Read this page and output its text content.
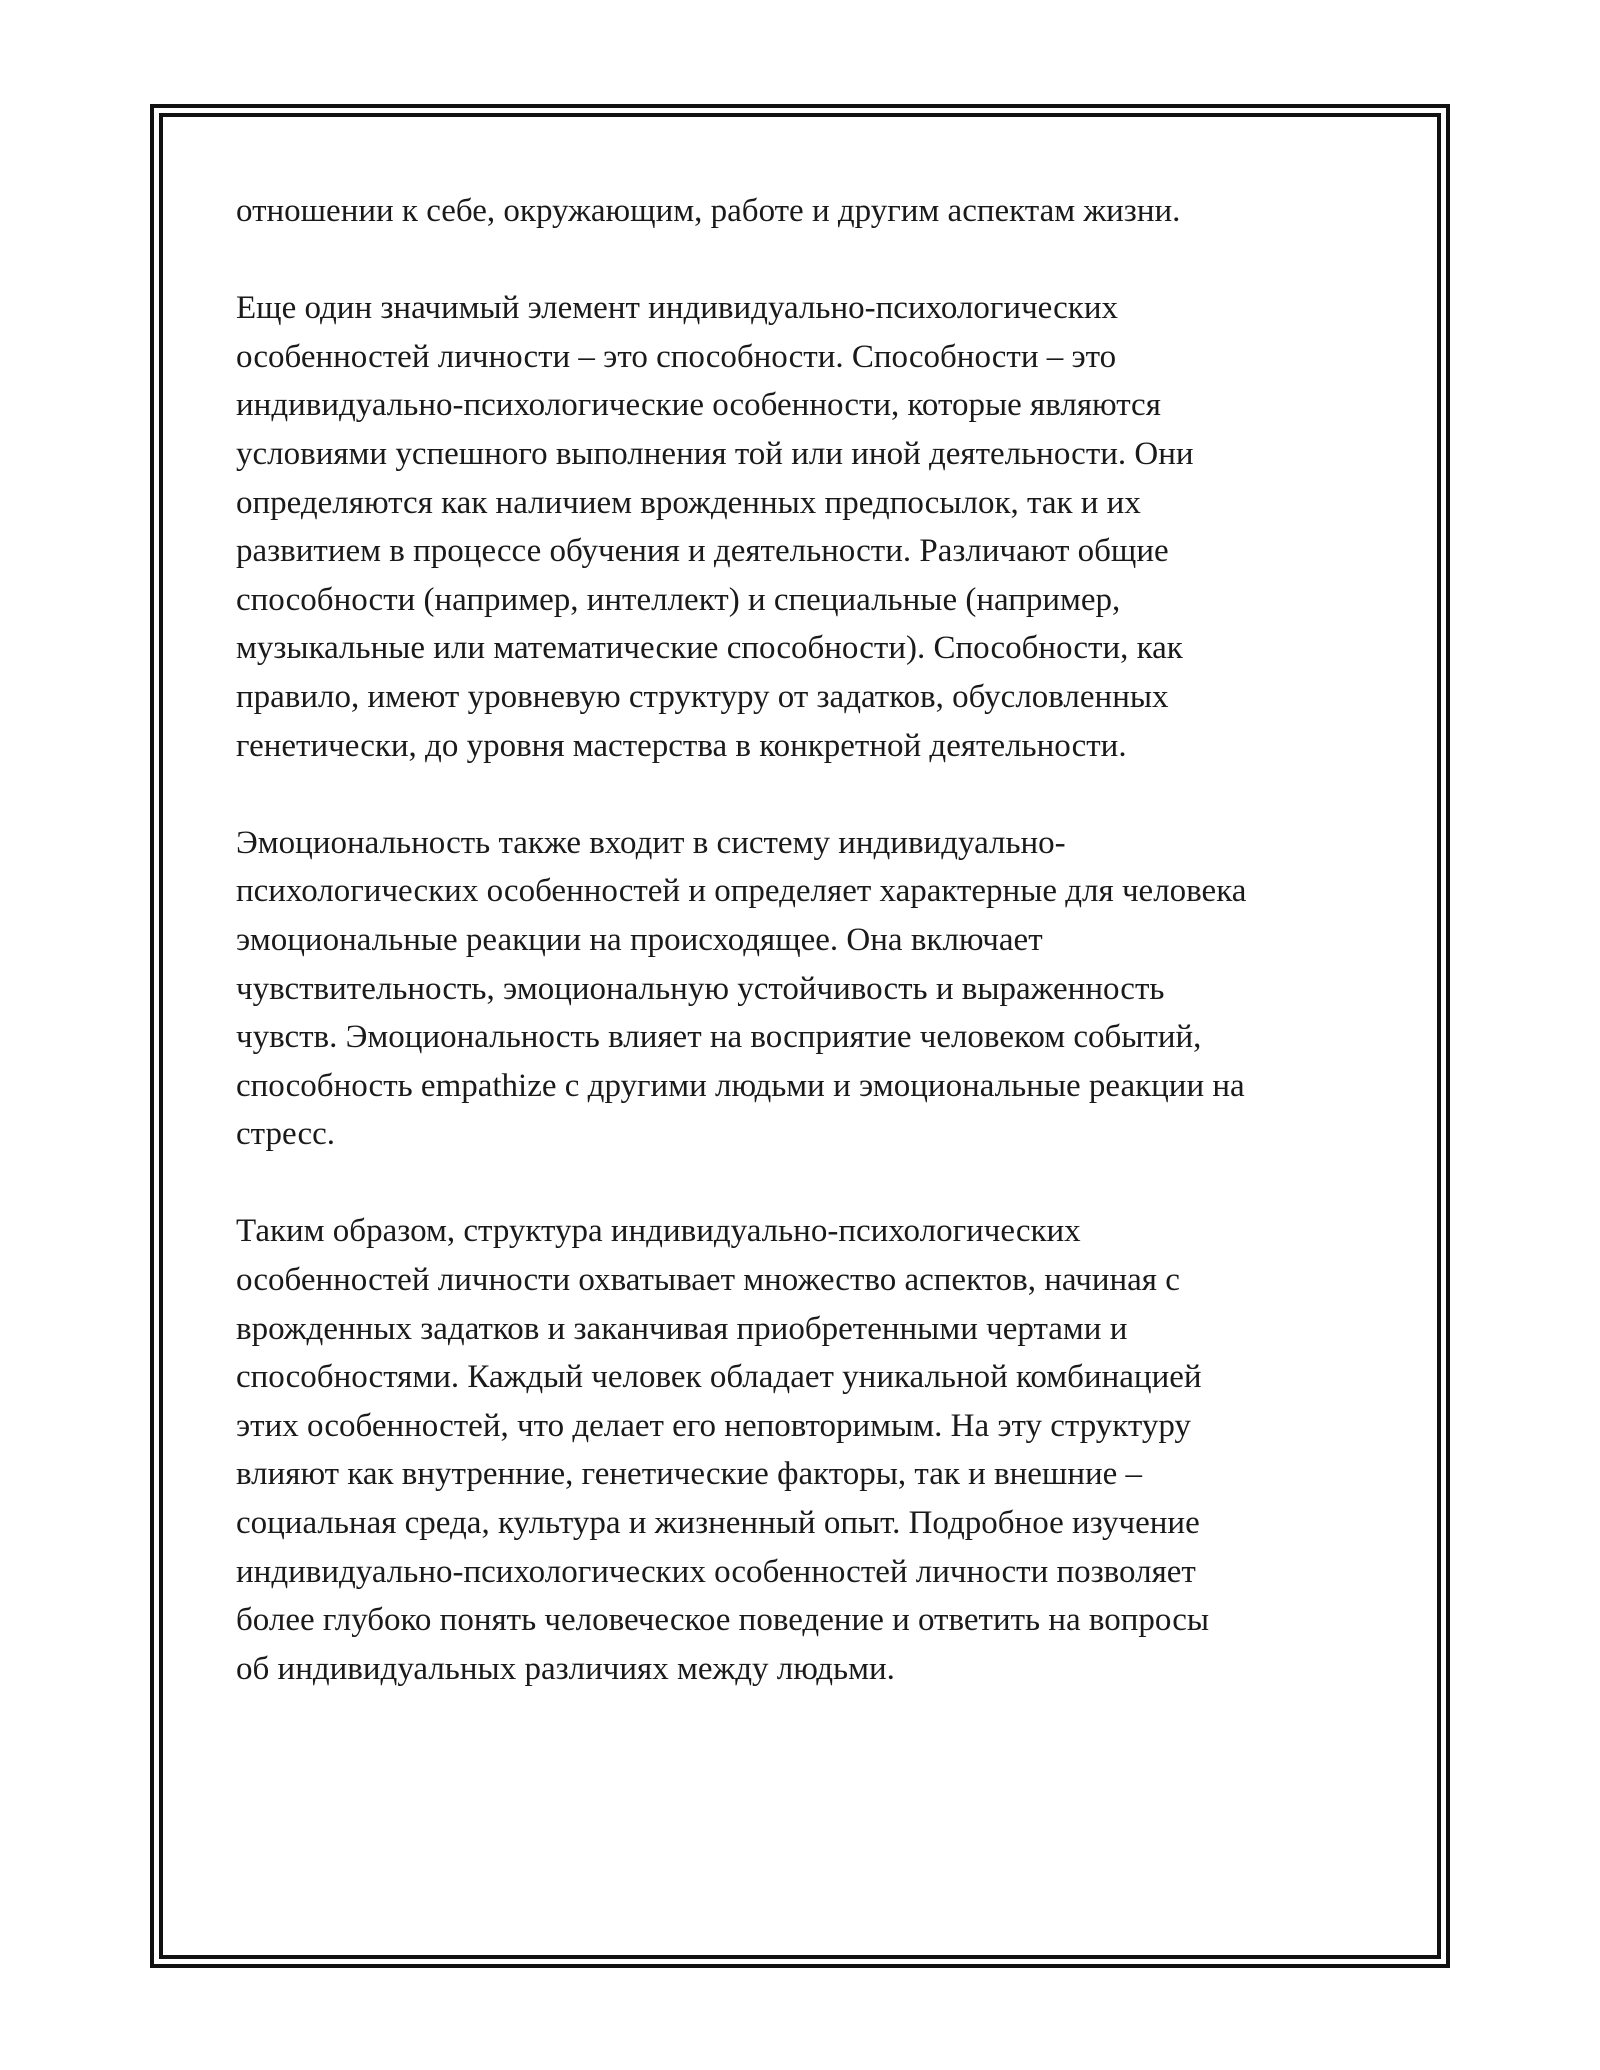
отношении к себе, окружающим, работе и другим аспектам жизни.

Еще один значимый элемент индивидуально-психологических
особенностей личности – это способности. Способности – это
индивидуально-психологические особенности, которые являются
условиями успешного выполнения той или иной деятельности. Они
определяются как наличием врожденных предпосылок, так и их
развитием в процессе обучения и деятельности. Различают общие
способности (например, интеллект) и специальные (например,
музыкальные или математические способности). Способности, как
правило, имеют уровневую структуру от задатков, обусловленных
генетически, до уровня мастерства в конкретной деятельности.

Эмоциональность также входит в систему индивидуально-
психологических особенностей и определяет характерные для человека
эмоциональные реакции на происходящее. Она включает
чувствительность, эмоциональную устойчивость и выраженность
чувств. Эмоциональность влияет на восприятие человеком событий,
способность empathize с другими людьми и эмоциональные реакции на
стресс.

Таким образом, структура индивидуально-психологических
особенностей личности охватывает множество аспектов, начиная с
врожденных задатков и заканчивая приобретенными чертами и
способностями. Каждый человек обладает уникальной комбинацией
этих особенностей, что делает его неповторимым. На эту структуру
влияют как внутренние, генетические факторы, так и внешние –
социальная среда, культура и жизненный опыт. Подробное изучение
индивидуально-психологических особенностей личности позволяет
более глубоко понять человеческое поведение и ответить на вопросы
об индивидуальных различиях между людьми.
